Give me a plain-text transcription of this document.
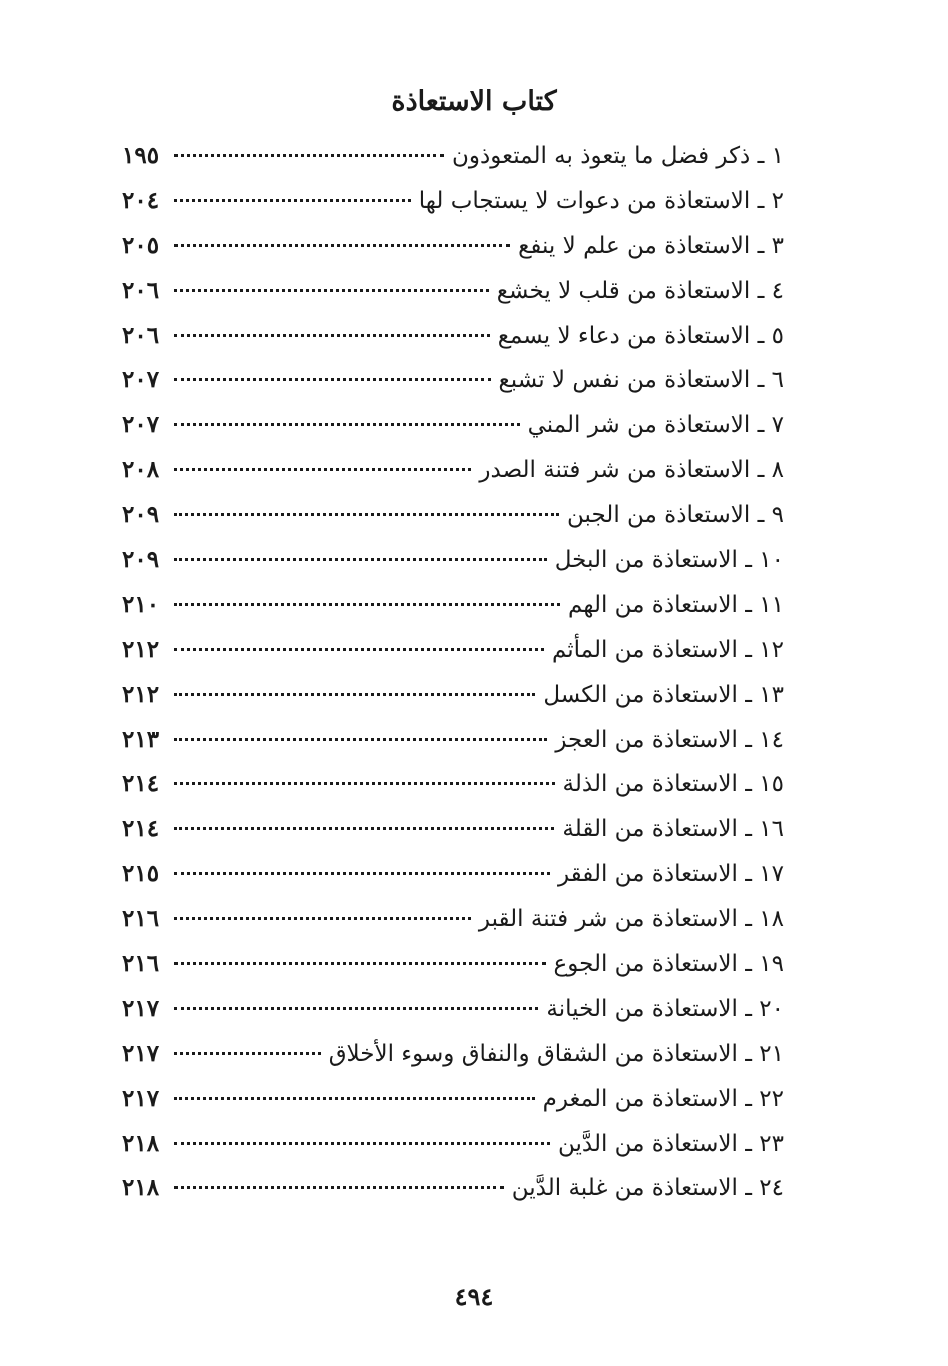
كتاب الاستعاذة
١ ـ ذكر فضل ما يتعوذ به المتعوذون
١٩٥
٢ ـ الاستعاذة من دعوات لا يستجاب لها
٢٠٤
٣ ـ الاستعاذة من علم لا ينفع
٢٠٥
٤ ـ الاستعاذة من قلب لا يخشع
٢٠٦
٥ ـ الاستعاذة من دعاء لا يسمع
٢٠٦
٦ ـ الاستعاذة من نفس لا تشبع
٢٠٧
٧ ـ الاستعاذة من شر المني
٢٠٧
٨ ـ الاستعاذة من شر فتنة الصدر
٢٠٨
٩ ـ الاستعاذة من الجبن
٢٠٩
١٠ ـ الاستعاذة من البخل
٢٠٩
١١ ـ الاستعاذة من الهم
٢١٠
١٢ ـ الاستعاذة من المأثم
٢١٢
١٣ ـ الاستعاذة من الكسل
٢١٢
١٤ ـ الاستعاذة من العجز
٢١٣
١٥ ـ الاستعاذة من الذلة
٢١٤
١٦ ـ الاستعاذة من القلة
٢١٤
١٧ ـ الاستعاذة من الفقر
٢١٥
١٨ ـ الاستعاذة من شر فتنة القبر
٢١٦
١٩ ـ الاستعاذة من الجوع
٢١٦
٢٠ ـ الاستعاذة من الخيانة
٢١٧
٢١ ـ الاستعاذة من الشقاق والنفاق وسوء الأخلاق
٢١٧
٢٢ ـ الاستعاذة من المغرم
٢١٧
٢٣ ـ الاستعاذة من الدَّين
٢١٨
٢٤ ـ الاستعاذة من غلبة الدَّين
٢١٨
٤٩٤
